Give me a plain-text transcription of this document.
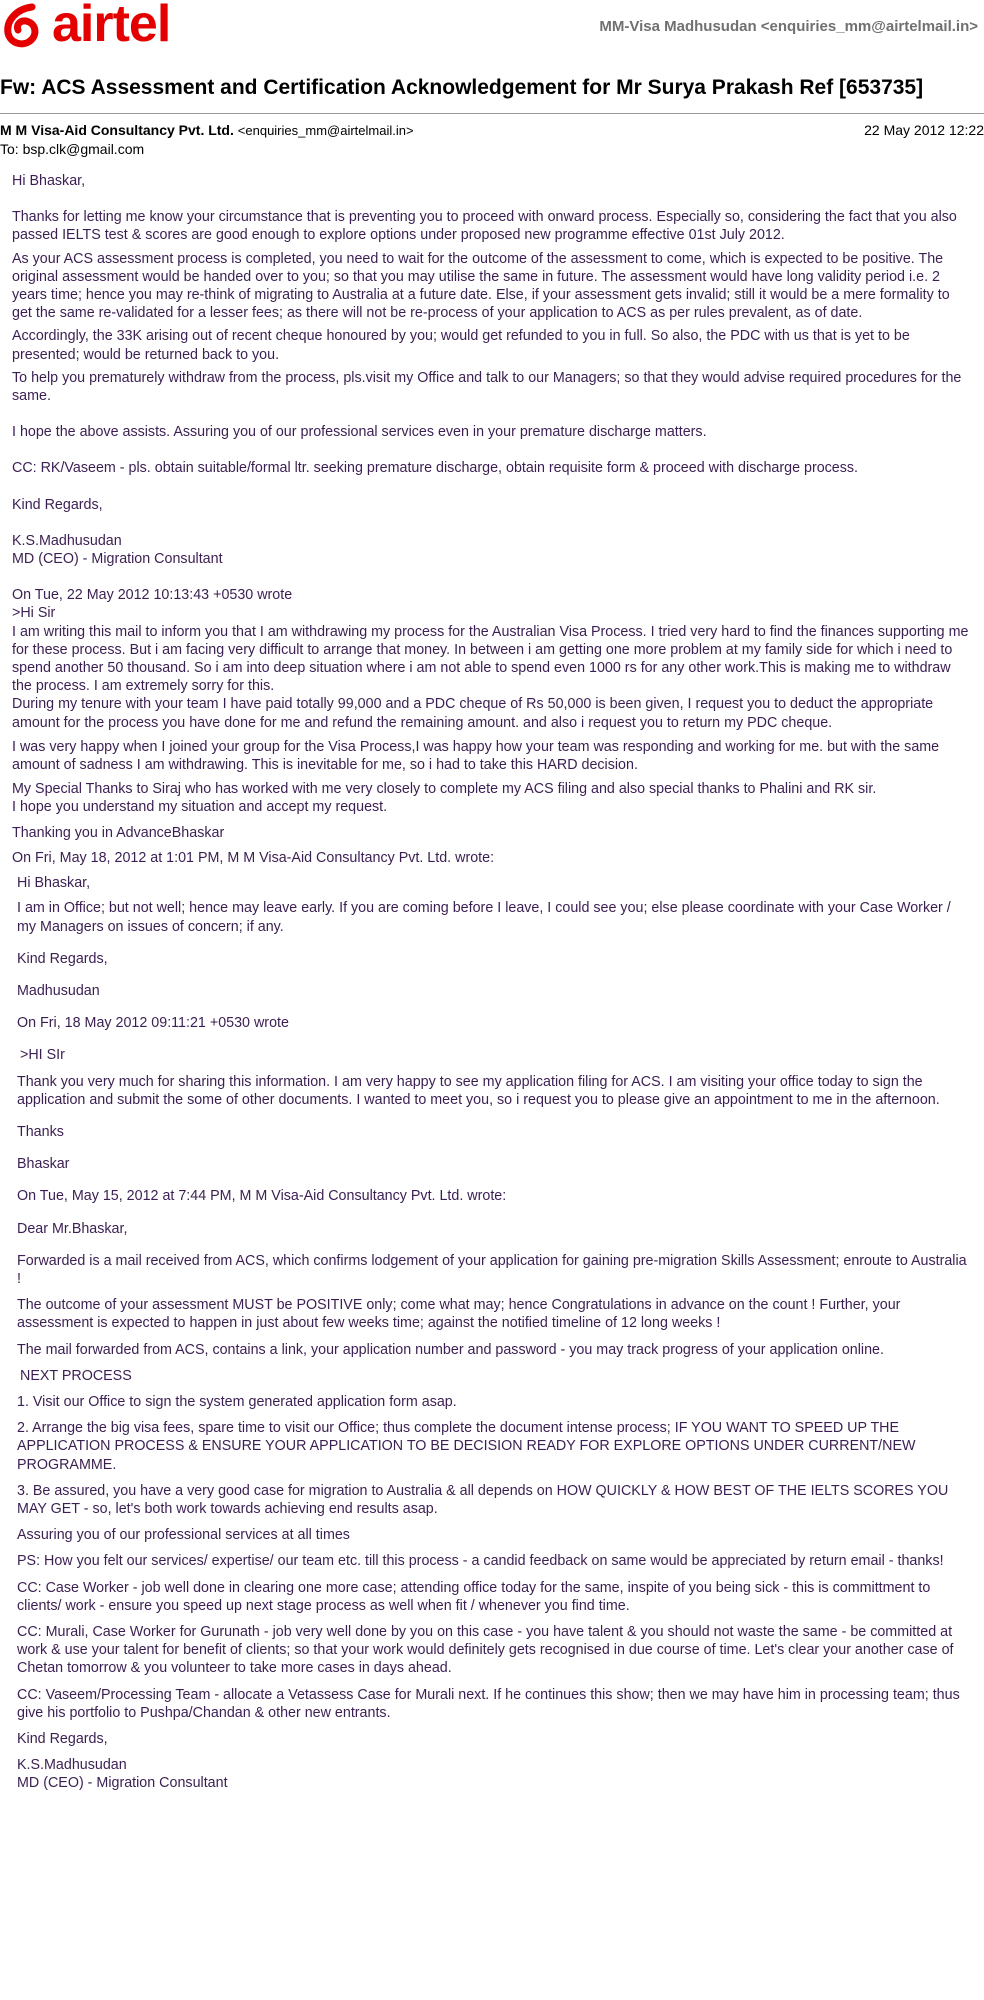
airtel	MM-Visa Madhusudan <enquiries_mm@airtelmail.in>
Fw: ACS Assessment and Certification Acknowledgement for Mr Surya Prakash Ref [653735]
M M Visa-Aid Consultancy Pvt. Ltd. <enquiries_mm@airtelmail.in>	22 May 2012 12:22
To: bsp.clk@gmail.com

Hi Bhaskar,

Thanks for letting me know your circumstance that is preventing you to proceed with onward process. Especially so, considering the fact that you also passed IELTS test & scores are good enough to explore options under proposed new programme effective 01st July 2012.

As your ACS assessment process is completed, you need to wait for the outcome of the assessment to come, which is expected to be positive. The original assessment would be handed over to you; so that you may utilise the same in future. The assessment would have long validity period i.e. 2 years time; hence you may re-think of migrating to Australia at a future date. Else, if your assessment gets invalid; still it would be a mere formality to get the same re-validated for a lesser fees; as there will not be re-process of your application to ACS as per rules prevalent, as of date.

Accordingly, the 33K arising out of recent cheque honoured by you; would get refunded to you in full. So also, the PDC with us that is yet to be presented; would be returned back to you.

To help you prematurely withdraw from the process, pls.visit my Office and talk to our Managers; so that they would advise required procedures for the same.

I hope the above assists. Assuring you of our professional services even in your premature discharge matters.

CC: RK/Vaseem - pls. obtain suitable/formal ltr. seeking premature discharge, obtain requisite form & proceed with discharge process.

Kind Regards,

K.S.Madhusudan

MD (CEO) - Migration Consultant

On Tue, 22 May 2012 10:13:43 +0530 wrote

>Hi Sir

I am writing this mail to inform you that I am withdrawing my process for the Australian Visa Process. I tried very hard to find the finances supporting me for these process. But i am facing very difficult to arrange that money. In between i am getting one more problem at my family side for which i need to spend another 50 thousand. So i am into deep situation where i am not able to spend even 1000 rs for any other work.This is making me to withdraw the process. I am extremely sorry for this.

During my tenure with your team I have paid totally 99,000 and a PDC cheque of Rs 50,000 is been given, I request you to deduct the appropriate amount for the process you have done for me and refund the remaining amount. and also i request you to return my PDC cheque.

I was very happy when I joined your group for the Visa Process,I was happy how your team was responding and working for me. but with the same amount of sadness I am withdrawing. This is inevitable for me, so i had to take this HARD decision.

My Special Thanks to Siraj who has worked with me very closely to complete my ACS filing and also special thanks to Phalini and RK sir.

I hope you understand my situation and accept my request.

Thanking you in AdvanceBhaskar

On Fri, May 18, 2012 at 1:01 PM, M M Visa-Aid Consultancy Pvt. Ltd. wrote:

Hi Bhaskar,

I am in Office; but not well; hence may leave early. If you are coming before I leave, I could see you; else please coordinate with your Case Worker / my Managers on issues of concern; if any.

Kind Regards,

Madhusudan

On Fri, 18 May 2012 09:11:21 +0530 wrote

>HI SIr

Thank you very much for sharing this information. I am very happy to see my application filing for ACS. I am visiting your office today to sign the application and submit the some of other documents. I wanted to meet you, so i request you to please give an appointment to me in the afternoon.

Thanks

Bhaskar

On Tue, May 15, 2012 at 7:44 PM, M M Visa-Aid Consultancy Pvt. Ltd. wrote:

Dear Mr.Bhaskar,

Forwarded is a mail received from ACS, which confirms lodgement of your application for gaining pre-migration Skills Assessment; enroute to Australia !

The outcome of your assessment MUST be POSITIVE only; come what may; hence Congratulations in advance on the count ! Further, your assessment is expected to happen in just about few weeks time; against the notified timeline of 12 long weeks !

The mail forwarded from ACS, contains a link, your application number and password - you may track progress of your application online.

NEXT PROCESS

1. Visit our Office to sign the system generated application form asap.

2. Arrange the big visa fees, spare time to visit our Office; thus complete the document intense process; IF YOU WANT TO SPEED UP THE APPLICATION PROCESS & ENSURE YOUR APPLICATION TO BE DECISION READY FOR EXPLORE OPTIONS UNDER CURRENT/NEW PROGRAMME.

3. Be assured, you have a very good case for migration to Australia & all depends on HOW QUICKLY & HOW BEST OF THE IELTS SCORES YOU MAY GET - so, let's both work towards achieving end results asap.

Assuring you of our professional services at all times

PS: How you felt our services/ expertise/ our team etc. till this process - a candid feedback on same would be appreciated by return email - thanks!

CC: Case Worker - job well done in clearing one more case; attending office today for the same, inspite of you being sick - this is committment to clients/ work - ensure you speed up next stage process as well when fit / whenever you find time.

CC: Murali, Case Worker for Gurunath - job very well done by you on this case - you have talent & you should not waste the same - be committed at work & use your talent for benefit of clients; so that your work would definitely gets recognised in due course of time. Let's clear your another case of Chetan tomorrow & you volunteer to take more cases in days ahead.

CC: Vaseem/Processing Team - allocate a Vetassess Case for Murali next. If he continues this show; then we may have him in processing team; thus give his portfolio to Pushpa/Chandan & other new entrants.

Kind Regards,

K.S.Madhusudan

MD (CEO) - Migration Consultant
